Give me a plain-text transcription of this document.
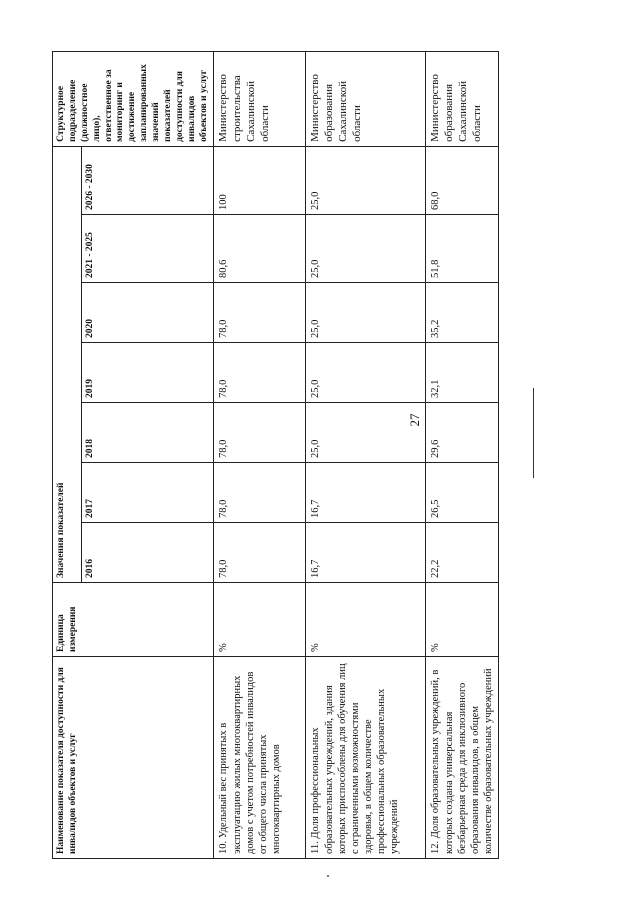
27
Наименование показателя доступности для инвалидов объектов и услуг	Единица измерения	Значения показателей							Структурное подразделение (должностное лицо), ответственное за мониторинг и достижение запланированных значений показателей доступности для инвалидов объектов и услуг
		2016	2017	2018	2019	2020	2021 - 2025	2026 - 2030	
10. Удельный вес принятых в эксплуатацию жилых многоквартирных домов с учетом потребностей инвалидов от общего числа принятых многоквартирных домов	%	78,0	78,0	78,0	78,0	78,0	80,6	100	Министерство строительства Сахалинской области
11. Доля профессиональных образовательных учреждений, здания которых приспособлены для обучения лиц с ограниченными возможностями здоровья, в общем количестве профессиональных образовательных учреждений	%	16,7	16,7	25,0	25,0	25,0	25,0	25,0	Министерство образования Сахалинской области
12. Доля образовательных учреждений, в которых создана универсальная безбарьерная среда для инклюзивного образования инвалидов, в общем количестве образовательных учреждений	%	22,2	26,5	29,6	32,1	35,2	51,8	68,0	Министерство образования Сахалинской области
